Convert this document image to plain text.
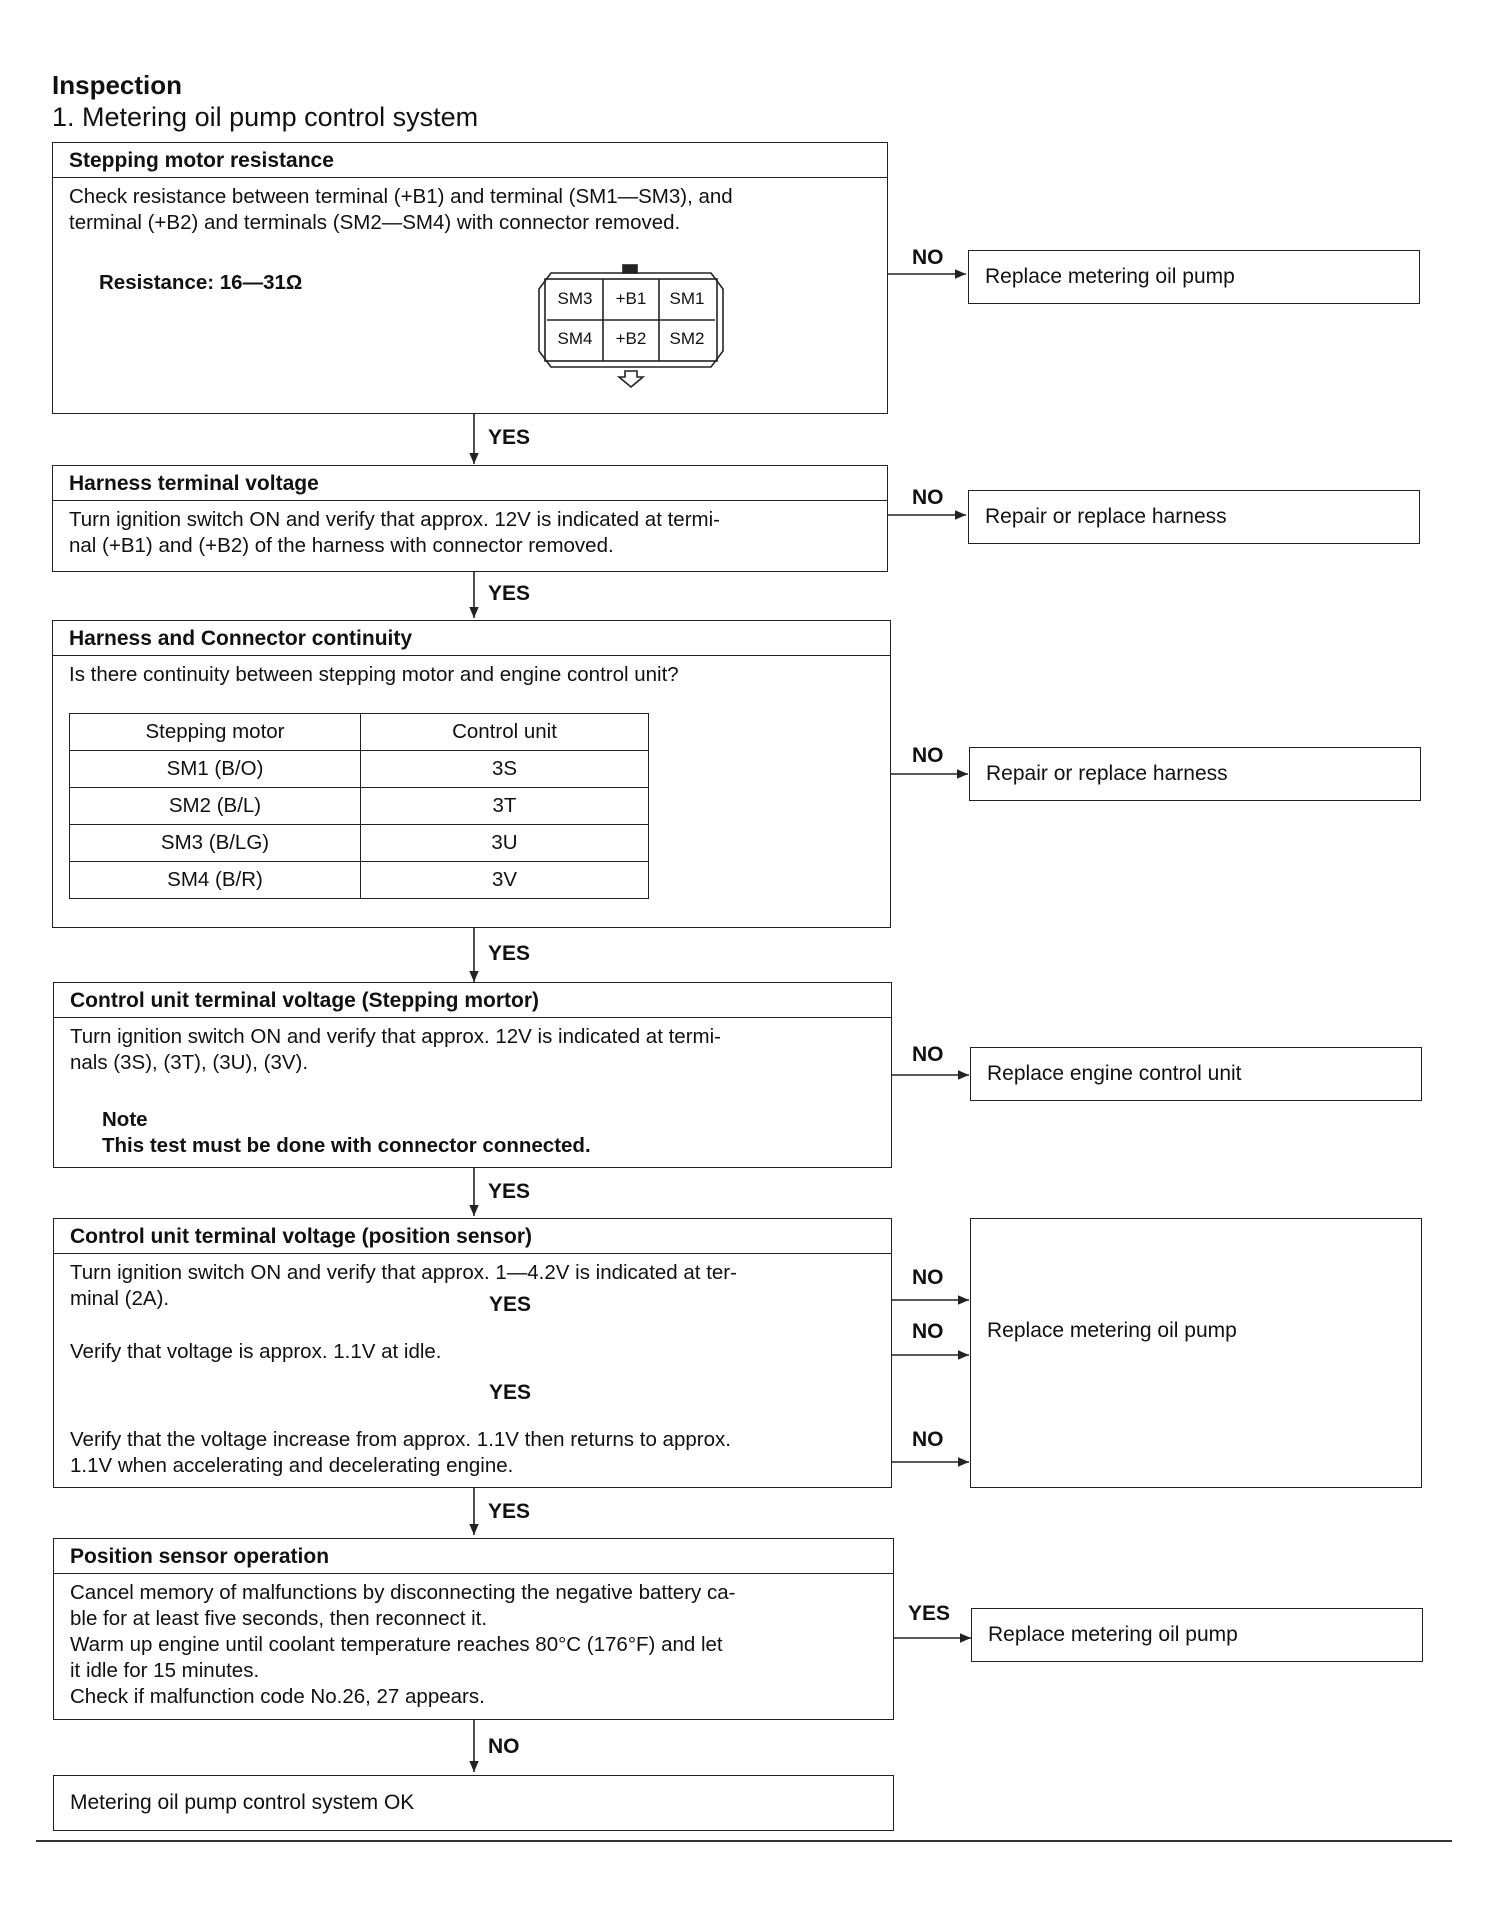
Inspection
1. Metering oil pump control system
Stepping motor resistance
Check resistance between terminal (+B1) and terminal (SM1—SM3), and
terminal (+B2) and terminals (SM2—SM4) with connector removed.
Resistance: 16—31Ω
SM3	+B1	SM1
SM4	+B2	SM2
NO
Replace metering oil pump
YES
Harness terminal voltage
Turn ignition switch ON and verify that approx. 12V is indicated at termi-
nal (+B1) and (+B2) of the harness with connector removed.
NO
Repair or replace harness
YES
Harness and Connector continuity
Is there continuity between stepping motor and engine control unit?
Stepping motor	Control unit
SM1 (B/O)	3S
SM2 (B/L)	3T
SM3 (B/LG)	3U
SM4 (B/R)	3V
NO
Repair or replace harness
YES
Control unit terminal voltage (Stepping mortor)
Turn ignition switch ON and verify that approx. 12V is indicated at termi-
nals (3S), (3T), (3U), (3V).
Note
This test must be done with connector connected.
NO
Replace engine control unit
YES
Control unit terminal voltage (position sensor)
Turn ignition switch ON and verify that approx. 1—4.2V is indicated at ter-
minal (2A).	YES
Verify that voltage is approx. 1.1V at idle.
YES
Verify that the voltage increase from approx. 1.1V then returns to approx.
1.1V when accelerating and decelerating engine.
NO
NO
NO
Replace metering oil pump
YES
Position sensor operation
Cancel memory of malfunctions by disconnecting the negative battery ca-
ble for at least five seconds, then reconnect it.
Warm up engine until coolant temperature reaches 80°C (176°F) and let
it idle for 15 minutes.
Check if malfunction code No.26, 27 appears.
YES
Replace metering oil pump
NO
Metering oil pump control system OK
